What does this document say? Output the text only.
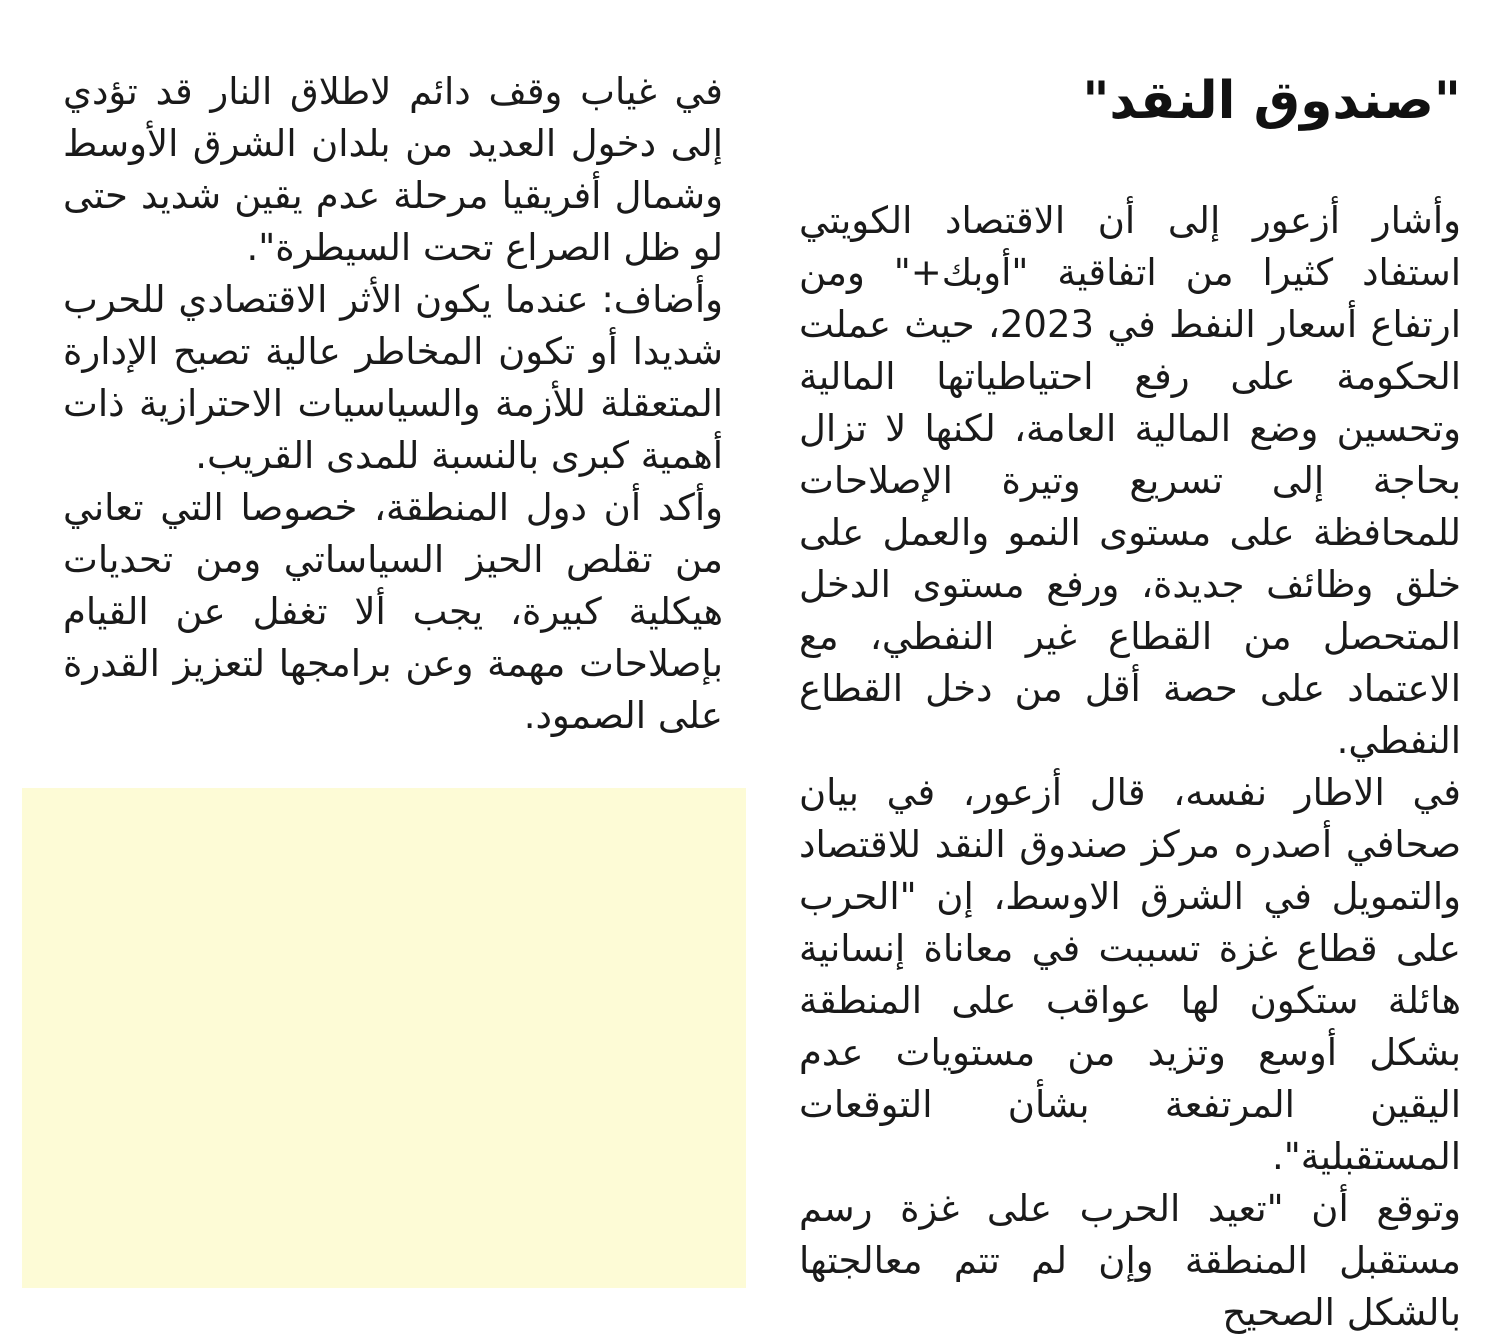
"صندوق النقد"

وأشار أزعور إلى أن الاقتصاد الكويتي استفاد كثيرا من اتفاقية "أوبك+" ومن ارتفاع أسعار النفط في 2023، حيث عملت الحكومة على رفع احتياطياتها المالية وتحسين وضع المالية العامة، لكنها لا تزال بحاجة إلى تسريع وتيرة الإصلاحات للمحافظة على مستوى النمو والعمل على خلق وظائف جديدة، ورفع مستوى الدخل المتحصل من القطاع غير النفطي، مع الاعتماد على حصة أقل من دخل القطاع النفطي.

في الاطار نفسه، قال أزعور، في بيان صحافي أصدره مركز صندوق النقد للاقتصاد والتمويل في الشرق الاوسط، إن "الحرب على قطاع غزة تسببت في معاناة إنسانية هائلة ستكون لها عواقب على المنطقة بشكل أوسع وتزيد من مستويات عدم اليقين المرتفعة بشأن التوقعات المستقبلية".

وتوقع أن "تعيد الحرب على غزة رسم مستقبل المنطقة وإن لم تتم معالجتها بالشكل الصحيح

في غياب وقف دائم لاطلاق النار قد تؤدي إلى دخول العديد من بلدان الشرق الأوسط وشمال أفريقيا مرحلة عدم يقين شديد حتى لو ظل الصراع تحت السيطرة".

وأضاف: عندما يكون الأثر الاقتصادي للحرب شديدا أو تكون المخاطر عالية تصبح الإدارة المتعقلة للأزمة والسياسيات الاحترازية ذات أهمية كبرى بالنسبة للمدى القريب.

وأكد أن دول المنطقة، خصوصا التي تعاني من تقلص الحيز السياساتي ومن تحديات هيكلية كبيرة، يجب ألا تغفل عن القيام بإصلاحات مهمة وعن برامجها لتعزيز القدرة على الصمود.
